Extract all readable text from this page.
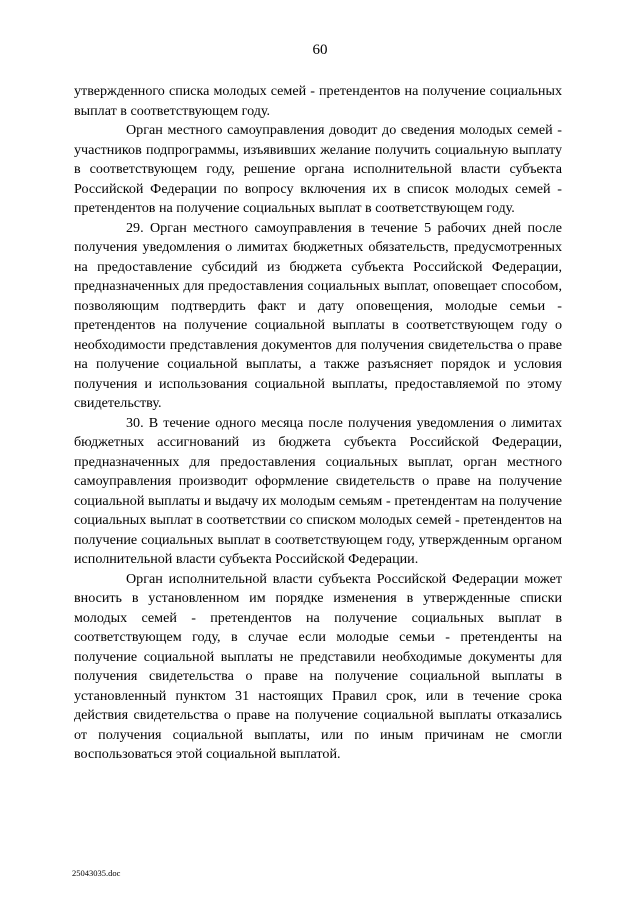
60

утвержденного списка молодых семей - претендентов на получение социальных выплат в соответствующем году.

Орган местного самоуправления доводит до сведения молодых семей - участников подпрограммы, изъявивших желание получить социальную выплату в соответствующем году, решение органа исполнительной власти субъекта Российской Федерации по вопросу включения их в список молодых семей - претендентов на получение социальных выплат в соответствующем году.

29. Орган местного самоуправления в течение 5 рабочих дней после получения уведомления о лимитах бюджетных обязательств, предусмотренных на предоставление субсидий из бюджета субъекта Российской Федерации, предназначенных для предоставления социальных выплат, оповещает способом, позволяющим подтвердить факт и дату оповещения, молодые семьи - претендентов на получение социальной выплаты в соответствующем году о необходимости представления документов для получения свидетельства о праве на получение социальной выплаты, а также разъясняет порядок и условия получения и использования социальной выплаты, предоставляемой по этому свидетельству.

30. В течение одного месяца после получения уведомления о лимитах бюджетных ассигнований из бюджета субъекта Российской Федерации, предназначенных для предоставления социальных выплат, орган местного самоуправления производит оформление свидетельств о праве на получение социальной выплаты и выдачу их молодым семьям - претендентам на получение социальных выплат в соответствии со списком молодых семей - претендентов на получение социальных выплат в соответствующем году, утвержденным органом исполнительной власти субъекта Российской Федерации.

Орган исполнительной власти субъекта Российской Федерации может вносить в установленном им порядке изменения в утвержденные списки молодых семей - претендентов на получение социальных выплат в соответствующем году, в случае если молодые семьи - претенденты на получение социальной выплаты не представили необходимые документы для получения свидетельства о праве на получение социальной выплаты в установленный пунктом 31 настоящих Правил срок, или в течение срока действия свидетельства о праве на получение социальной выплаты отказались от получения социальной выплаты, или по иным причинам не смогли воспользоваться этой социальной выплатой.

25043035.doc
